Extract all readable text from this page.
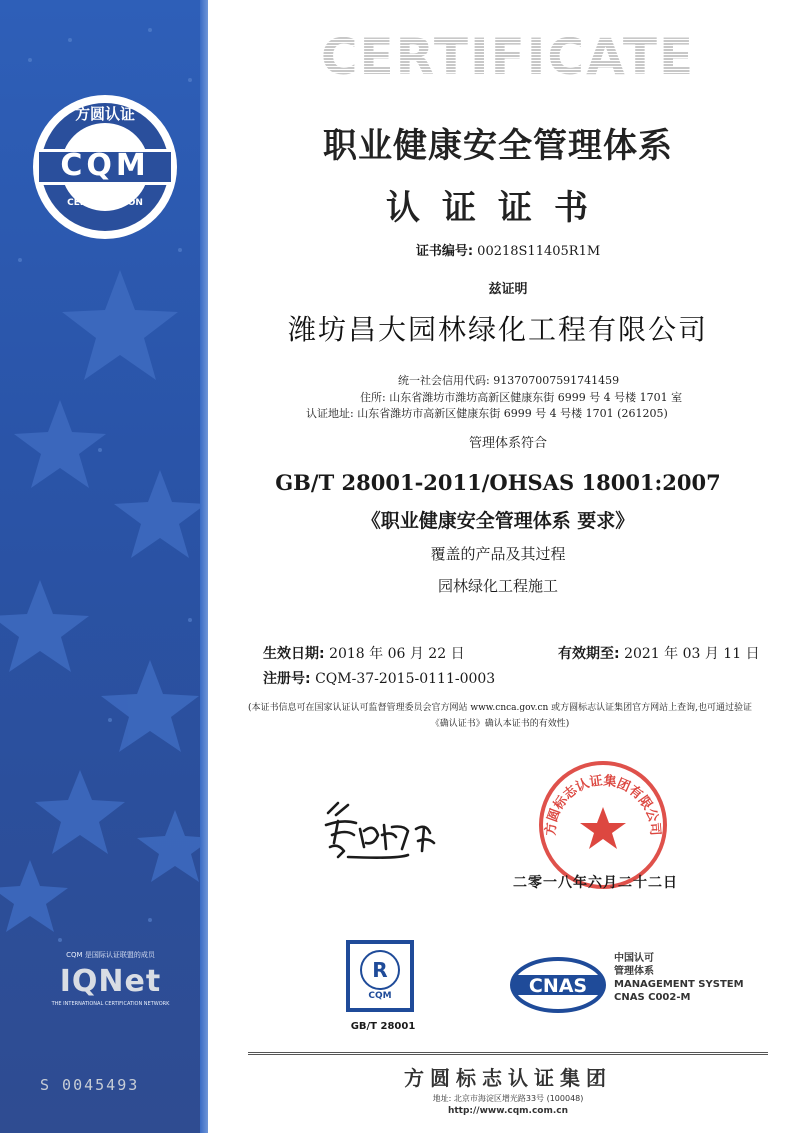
方圆认证
CQM
CERTIFICATION
CQM 是国际认证联盟的成员
IQNet
THE INTERNATIONAL CERTIFICATION NETWORK
S 0045493
CERTIFICATE
职业健康安全管理体系
认证证书
证书编号: 00218S11405R1M
兹证明
潍坊昌大园林绿化工程有限公司
统一社会信用代码: 913707007591741459
住所: 山东省潍坊市潍坊高新区健康东街 6999 号 4 号楼 1701 室
认证地址: 山东省潍坊市高新区健康东街 6999 号 4 号楼 1701 (261205)
管理体系符合
GB/T 28001-2011/OHSAS 18001:2007
《职业健康安全管理体系 要求》
覆盖的产品及其过程
园林绿化工程施工
生效日期: 2018 年 06 月 22 日	有效期至: 2021 年 03 月 11 日
注册号: CQM-37-2015-0111-0003
(本证书信息可在国家认证认可监督管理委员会官方网站 www.cnca.gov.cn 或方圆标志认证集团官方网站上查询,也可通过验证
《确认证书》确认本证书的有效性)
方圆标志认证集团有限公司
二零一八年六月二十二日
R
CQM
GB/T 28001
CNAS
中国认可
管理体系
MANAGEMENT SYSTEM
CNAS C002-M
方圆标志认证集团
地址: 北京市海淀区增光路33号 (100048)
http://www.cqm.com.cn
